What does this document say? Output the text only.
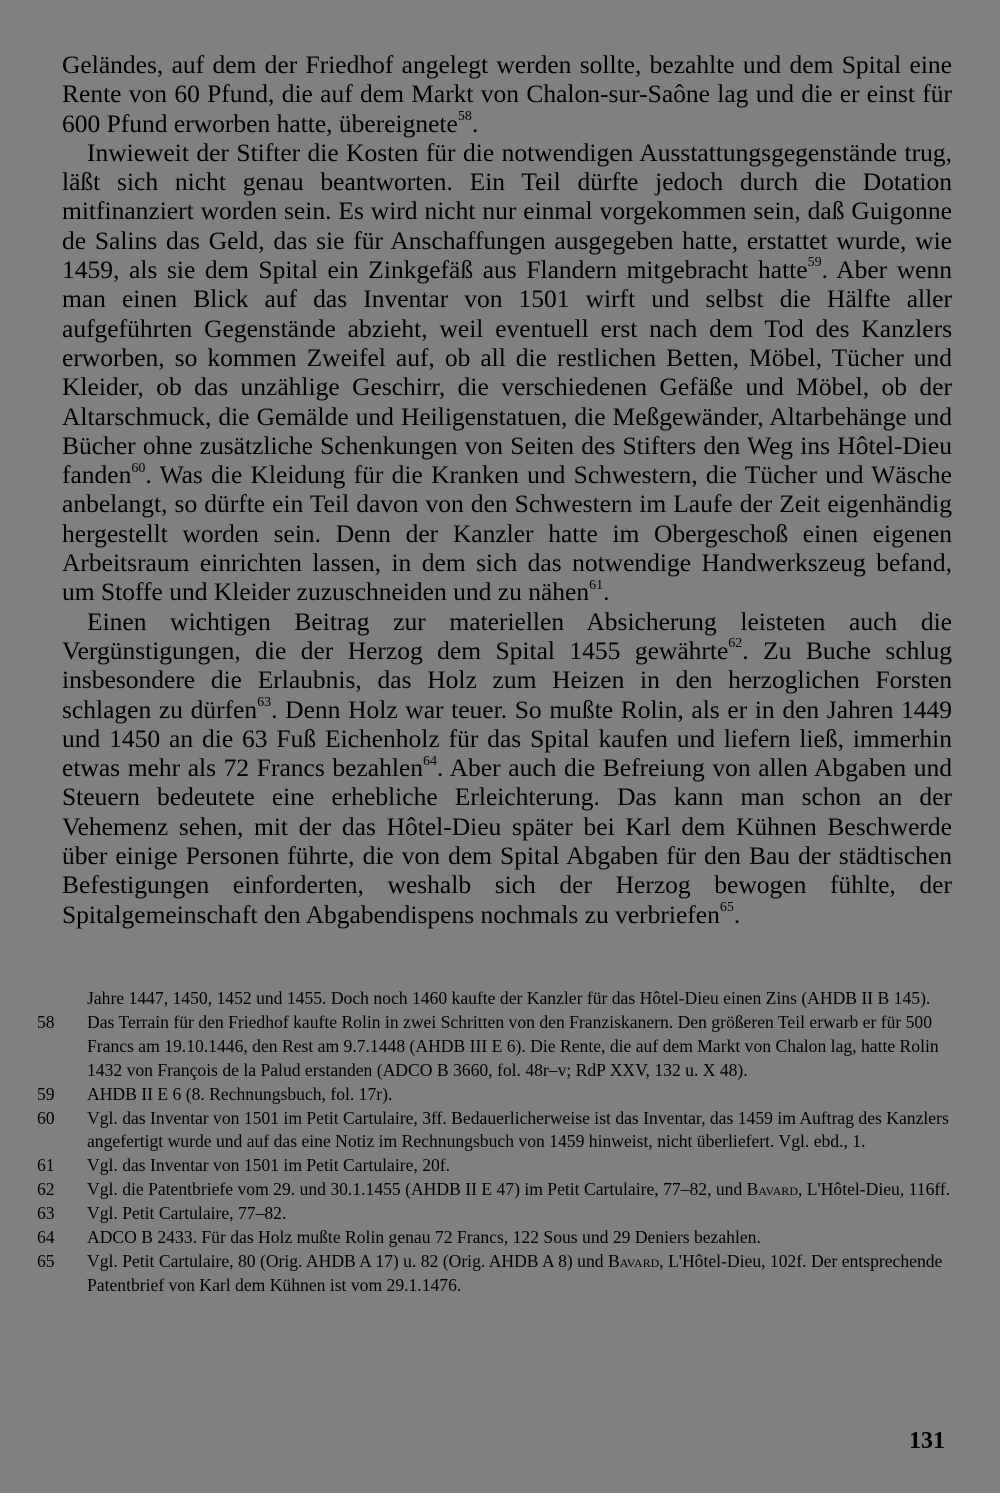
Geländes, auf dem der Friedhof angelegt werden sollte, bezahlte und dem Spital eine Rente von 60 Pfund, die auf dem Markt von Chalon-sur-Saône lag und die er einst für 600 Pfund erworben hatte, übereignete$^{58}$.

Inwieweit der Stifter die Kosten für die notwendigen Ausstattungsgegenstände trug, läßt sich nicht genau beantworten. Ein Teil dürfte jedoch durch die Dotation mitfinanziert worden sein. Es wird nicht nur einmal vorgekommen sein, daß Guigonne de Salins das Geld, das sie für Anschaffungen ausgegeben hatte, erstattet wurde, wie 1459, als sie dem Spital ein Zinkgefäß aus Flandern mitgebracht hatte$^{59}$. Aber wenn man einen Blick auf das Inventar von 1501 wirft und selbst die Hälfte aller aufgeführten Gegenstände abzieht, weil eventuell erst nach dem Tod des Kanzlers erworben, so kommen Zweifel auf, ob all die restlichen Betten, Möbel, Tücher und Kleider, ob das unzählige Geschirr, die verschiedenen Gefäße und Möbel, ob der Altarschmuck, die Gemälde und Heiligenstatuen, die Meßgewänder, Altarbehänge und Bücher ohne zusätzliche Schenkungen von Seiten des Stifters den Weg ins Hôtel-Dieu fanden$^{60}$. Was die Kleidung für die Kranken und Schwestern, die Tücher und Wäsche anbelangt, so dürfte ein Teil davon von den Schwestern im Laufe der Zeit eigenhändig hergestellt worden sein. Denn der Kanzler hatte im Obergeschoß einen eigenen Arbeitsraum einrichten lassen, in dem sich das notwendige Handwerkszeug befand, um Stoffe und Kleider zuzuschneiden und zu nähen$^{61}$.

Einen wichtigen Beitrag zur materiellen Absicherung leisteten auch die Vergünstigungen, die der Herzog dem Spital 1455 gewährte$^{62}$. Zu Buche schlug insbesondere die Erlaubnis, das Holz zum Heizen in den herzoglichen Forsten schlagen zu dürfen$^{63}$. Denn Holz war teuer. So mußte Rolin, als er in den Jahren 1449 und 1450 an die 63 Fuß Eichenholz für das Spital kaufen und liefern ließ, immerhin etwas mehr als 72 Francs bezahlen$^{64}$. Aber auch die Befreiung von allen Abgaben und Steuern bedeutete eine erhebliche Erleichterung. Das kann man schon an der Vehemenz sehen, mit der das Hôtel-Dieu später bei Karl dem Kühnen Beschwerde über einige Personen führte, die von dem Spital Abgaben für den Bau der städtischen Befestigungen einforderten, weshalb sich der Herzog bewogen fühlte, der Spitalgemeinschaft den Abgabendispens nochmals zu verbriefen$^{65}$.

Jahre 1447, 1450, 1452 und 1455. Doch noch 1460 kaufte der Kanzler für das Hôtel-Dieu einen Zins (AHDB II B 145).
58	Das Terrain für den Friedhof kaufte Rolin in zwei Schritten von den Franziskanern. Den größeren Teil erwarb er für 500 Francs am 19.10.1446, den Rest am 9.7.1448 (AHDB III E 6). Die Rente, die auf dem Markt von Chalon lag, hatte Rolin 1432 von François de la Palud erstanden (ADCO B 3660, fol. 48r–v; RdP XXV, 132 u. X 48).
59	AHDB II E 6 (8. Rechnungsbuch, fol. 17r).
60	Vgl. das Inventar von 1501 im Petit Cartulaire, 3ff. Bedauerlicherweise ist das Inventar, das 1459 im Auftrag des Kanzlers angefertigt wurde und auf das eine Notiz im Rechnungsbuch von 1459 hinweist, nicht überliefert. Vgl. ebd., 1.
61	Vgl. das Inventar von 1501 im Petit Cartulaire, 20f.
62	Vgl. die Patentbriefe vom 29. und 30.1.1455 (AHDB II E 47) im Petit Cartulaire, 77–82, und Bavard, L'Hôtel-Dieu, 116ff.
63	Vgl. Petit Cartulaire, 77–82.
64	ADCO B 2433. Für das Holz mußte Rolin genau 72 Francs, 122 Sous und 29 Deniers bezahlen.
65	Vgl. Petit Cartulaire, 80 (Orig. AHDB A 17) u. 82 (Orig. AHDB A 8) und Bavard, L'Hôtel-Dieu, 102f. Der entsprechende Patentbrief von Karl dem Kühnen ist vom 29.1.1476.
131
